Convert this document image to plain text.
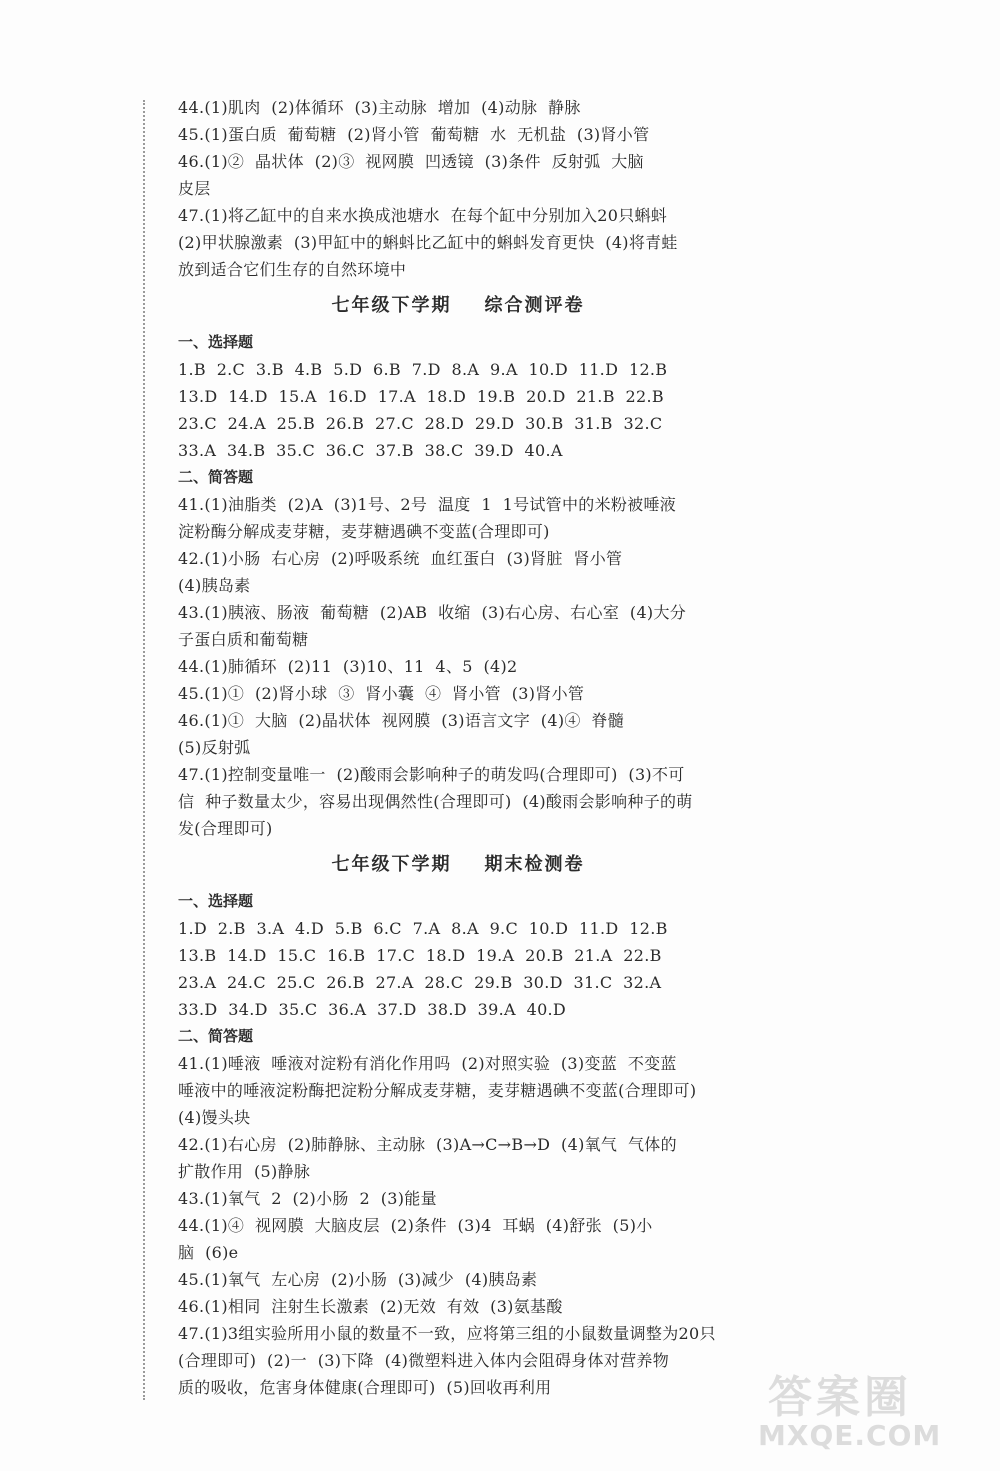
44.(1)肌肉  (2)体循环  (3)主动脉  增加  (4)动脉  静脉
45.(1)蛋白质  葡萄糖  (2)肾小管  葡萄糖  水  无机盐  (3)肾小管
46.(1)②  晶状体  (2)③  视网膜  凹透镜  (3)条件  反射弧  大脑
皮层
47.(1)将乙缸中的自来水换成池塘水  在每个缸中分别加入20只蝌蚪
(2)甲状腺激素  (3)甲缸中的蝌蚪比乙缸中的蝌蚪发育更快  (4)将青蛙
放到适合它们生存的自然环境中
七年级下学期    综合测评卷
一、选择题
1.B  2.C  3.B  4.B  5.D  6.B  7.D  8.A  9.A  10.D  11.D  12.B
13.D  14.D  15.A  16.D  17.A  18.D  19.B  20.D  21.B  22.B
23.C  24.A  25.B  26.B  27.C  28.D  29.D  30.B  31.B  32.C
33.A  34.B  35.C  36.C  37.B  38.C  39.D  40.A
二、简答题
41.(1)油脂类  (2)A  (3)1号、2号  温度  1  1号试管中的米粉被唾液
淀粉酶分解成麦芽糖，麦芽糖遇碘不变蓝(合理即可)
42.(1)小肠  右心房  (2)呼吸系统  血红蛋白  (3)肾脏  肾小管
(4)胰岛素
43.(1)胰液、肠液  葡萄糖  (2)AB  收缩  (3)右心房、右心室  (4)大分
子蛋白质和葡萄糖
44.(1)肺循环  (2)11  (3)10、11  4、5  (4)2
45.(1)①  (2)肾小球  ③  肾小囊  ④  肾小管  (3)肾小管
46.(1)①  大脑  (2)晶状体  视网膜  (3)语言文字  (4)④  脊髓
(5)反射弧
47.(1)控制变量唯一  (2)酸雨会影响种子的萌发吗(合理即可)  (3)不可
信  种子数量太少，容易出现偶然性(合理即可)  (4)酸雨会影响种子的萌
发(合理即可)
七年级下学期    期末检测卷
一、选择题
1.D  2.B  3.A  4.D  5.B  6.C  7.A  8.A  9.C  10.D  11.D  12.B
13.B  14.D  15.C  16.B  17.C  18.D  19.A  20.B  21.A  22.B
23.A  24.C  25.C  26.B  27.A  28.C  29.B  30.D  31.C  32.A
33.D  34.D  35.C  36.A  37.D  38.D  39.A  40.D
二、简答题
41.(1)唾液  唾液对淀粉有消化作用吗  (2)对照实验  (3)变蓝  不变蓝
唾液中的唾液淀粉酶把淀粉分解成麦芽糖，麦芽糖遇碘不变蓝(合理即可)
(4)馒头块
42.(1)右心房  (2)肺静脉、主动脉  (3)A→C→B→D  (4)氧气  气体的
扩散作用  (5)静脉
43.(1)氧气  2  (2)小肠  2  (3)能量
44.(1)④  视网膜  大脑皮层  (2)条件  (3)4  耳蜗  (4)舒张  (5)小
脑  (6)e
45.(1)氧气  左心房  (2)小肠  (3)减少  (4)胰岛素
46.(1)相同  注射生长激素  (2)无效  有效  (3)氨基酸
47.(1)3组实验所用小鼠的数量不一致，应将第三组的小鼠数量调整为20只
(合理即可)  (2)一  (3)下降  (4)微塑料进入体内会阻碍身体对营养物
质的吸收，危害身体健康(合理即可)  (5)回收再利用	答案圈
MXQE.COM
